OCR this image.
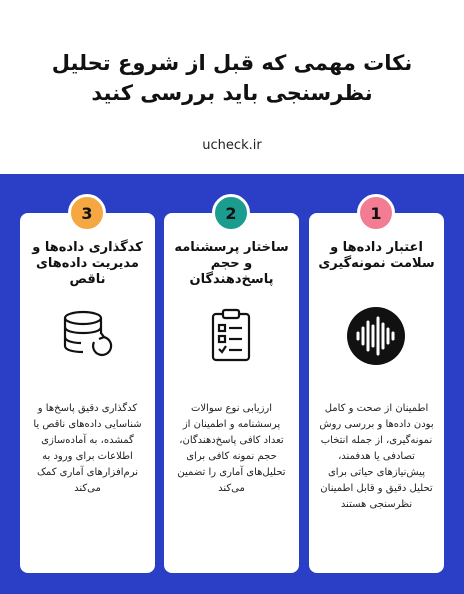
نکات مهمی که قبل از شروع تحلیل نظرسنجی باید بررسی کنید
ucheck.ir
3
کدگذاری داده‌ها و مدیریت داده‌های ناقص
کدگذاری دقیق پاسخ‌ها و شناسایی داده‌های ناقص یا گمشده، به آماده‌سازی اطلاعات برای ورود به نرم‌افزارهای آماری کمک می‌کند
2
ساختار پرسشنامه و حجم پاسخ‌دهندگان
ارزیابی نوع سوالات پرسشنامه و اطمینان از تعداد کافی پاسخ‌دهندگان، حجم نمونه کافی برای تحلیل‌های آماری را تضمین می‌کند
1
اعتبار داده‌ها و سلامت نمونه‌گیری
اطمینان از صحت و کامل بودن داده‌ها و بررسی روش نمونه‌گیری، از جمله انتخاب تصادفی یا هدفمند، پیش‌نیازهای حیاتی برای تحلیل دقیق و قابل اطمینان نظرسنجی هستند
